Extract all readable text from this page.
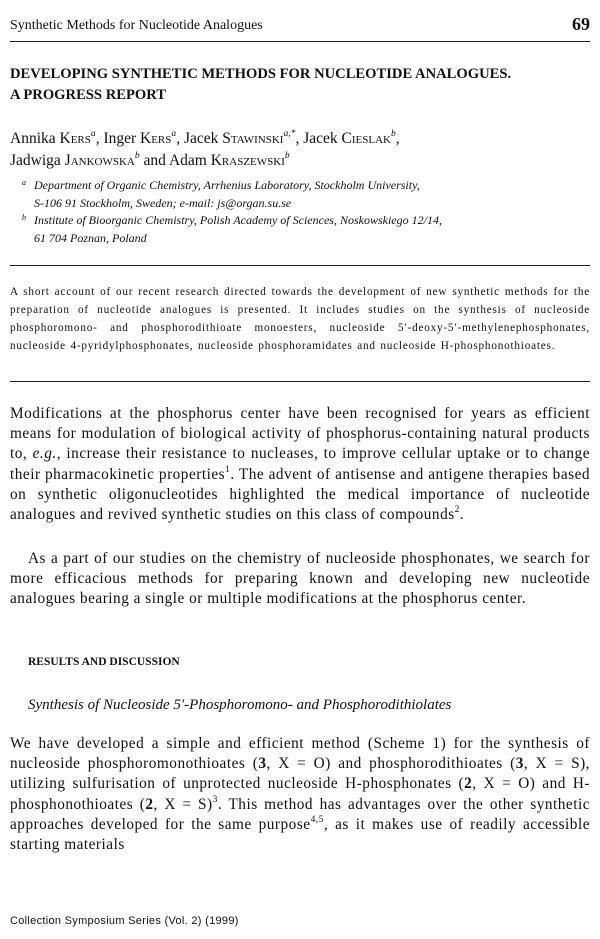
Synthetic Methods for Nucleotide Analogues	69
DEVELOPING SYNTHETIC METHODS FOR NUCLEOTIDE ANALOGUES.
A PROGRESS REPORT
Annika Kers$^a$, Inger Kers$^a$, Jacek Stawinski$^{a,*}$, Jacek Cieslak$^b$,
Jadwiga Jankowska$^b$ and Adam Kraszewski$^b$
a Department of Organic Chemistry, Arrhenius Laboratory, Stockholm University,
S-106 91 Stockholm, Sweden; e-mail: js@organ.su.se
b Institute of Bioorganic Chemistry, Polish Academy of Sciences, Noskowskiego 12/14,
61 704 Poznan, Poland
A short account of our recent research directed towards the development of new synthetic methods for the preparation of nucleotide analogues is presented. It includes studies on the synthesis of nucleoside phosphoromono- and phosphorodithioate monoesters, nucleoside 5′-deoxy-5′-methylenephosphonates, nucleoside 4-pyridylphosphonates, nucleoside phosphoramidates and nucleoside H-phosphonothioates.
Modifications at the phosphorus center have been recognised for years as efficient means for modulation of biological activity of phosphorus-containing natural products to, e.g., increase their resistance to nucleases, to improve cellular uptake or to change their pharmacokinetic properties$^1$. The advent of antisense and antigene therapies based on synthetic oligonucleotides highlighted the medical importance of nucleotide analogues and revived synthetic studies on this class of compounds$^2$.
As a part of our studies on the chemistry of nucleoside phosphonates, we search for more efficacious methods for preparing known and developing new nucleotide analogues bearing a single or multiple modifications at the phosphorus center.
RESULTS AND DISCUSSION
Synthesis of Nucleoside 5′-Phosphoromono- and Phosphorodithiolates
We have developed a simple and efficient method (Scheme 1) for the synthesis of nucleoside phosphoromonothioates (3, X = O) and phosphorodithioates (3, X = S), utilizing sulfurisation of unprotected nucleoside H-phosphonates (2, X = O) and H-phosphonothioates (2, X = S)$^3$. This method has advantages over the other synthetic approaches developed for the same purpose$^{4,5}$, as it makes use of readily accessible starting materials
Collection Symposium Series (Vol. 2) (1999)
